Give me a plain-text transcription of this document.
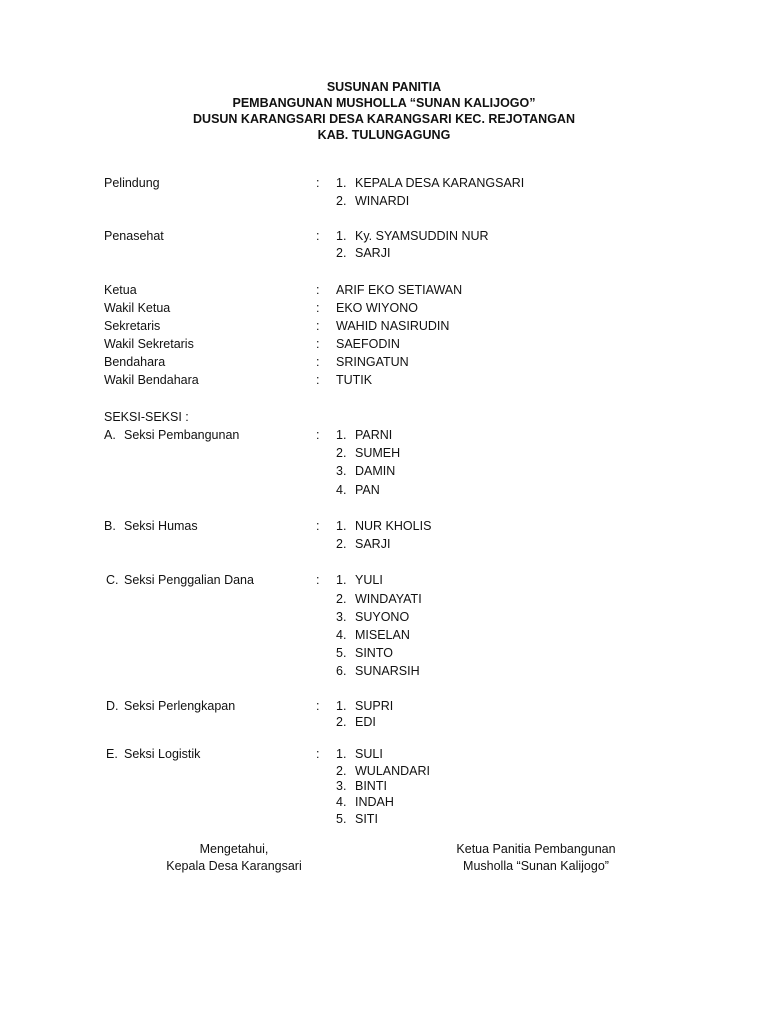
SUSUNAN PANITIA
PEMBANGUNAN MUSHOLLA “SUNAN KALIJOGO”
DUSUN KARANGSARI DESA KARANGSARI KEC. REJOTANGAN
KAB. TULUNGAGUNG
Pelindung	: 1. KEPALA DESA KARANGSARI
2. WINARDI
Penasehat	: 1. Ky. SYAMSUDDIN NUR
2. SARJI
Ketua	: ARIF EKO SETIAWAN
Wakil Ketua	: EKO WIYONO
Sekretaris	: WAHID NASIRUDIN
Wakil Sekretaris	: SAEFODIN
Bendahara	: SRINGATUN
Wakil Bendahara	: TUTIK
SEKSI-SEKSI :
A. Seksi Pembangunan	: 1. PARNI
2. SUMEH
3. DAMIN
4. PAN
B. Seksi Humas	: 1. NUR KHOLIS
2. SARJI
C. Seksi Penggalian Dana	: 1. YULI
2. WINDAYATI
3. SUYONO
4. MISELAN
5. SINTO
6. SUNARSIH
D. Seksi Perlengkapan	: 1. SUPRI
2. EDI
E. Seksi Logistik	: 1. SULI
2. WULANDARI
3. BINTI
4. INDAH
5. SITI
Mengetahui,
Kepala Desa Karangsari
Ketua Panitia Pembangunan
Musholla “Sunan Kalijogo”
